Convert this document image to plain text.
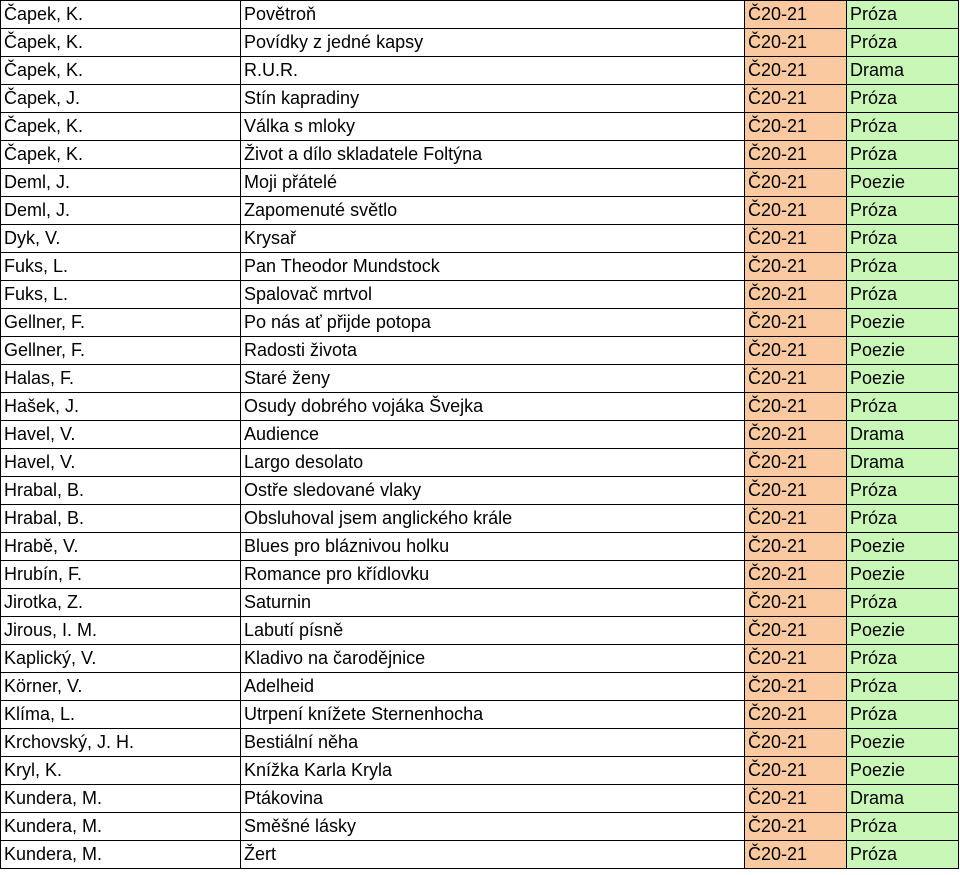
Čapek, K.	Povětroň	Č20-21	Próza
Čapek, K.	Povídky z jedné kapsy	Č20-21	Próza
Čapek, K.	R.U.R.	Č20-21	Drama
Čapek, J.	Stín kapradiny	Č20-21	Próza
Čapek, K.	Válka s mloky	Č20-21	Próza
Čapek, K.	Život a dílo skladatele Foltýna	Č20-21	Próza
Deml, J.	Moji přátelé	Č20-21	Poezie
Deml, J.	Zapomenuté světlo	Č20-21	Próza
Dyk, V.	Krysař	Č20-21	Próza
Fuks, L.	Pan Theodor Mundstock	Č20-21	Próza
Fuks, L.	Spalovač mrtvol	Č20-21	Próza
Gellner, F.	Po nás ať přijde potopa	Č20-21	Poezie
Gellner, F.	Radosti života	Č20-21	Poezie
Halas, F.	Staré ženy	Č20-21	Poezie
Hašek, J.	Osudy dobrého vojáka Švejka	Č20-21	Próza
Havel, V.	Audience	Č20-21	Drama
Havel, V.	Largo desolato	Č20-21	Drama
Hrabal, B.	Ostře sledované vlaky	Č20-21	Próza
Hrabal, B.	Obsluhoval jsem anglického krále	Č20-21	Próza
Hrabě, V.	Blues pro bláznivou holku	Č20-21	Poezie
Hrubín, F.	Romance pro křídlovku	Č20-21	Poezie
Jirotka, Z.	Saturnin	Č20-21	Próza
Jirous, I. M.	Labutí písně	Č20-21	Poezie
Kaplický, V.	Kladivo na čarodějnice	Č20-21	Próza
Körner, V.	Adelheid	Č20-21	Próza
Klíma, L.	Utrpení knížete Sternenhocha	Č20-21	Próza
Krchovský, J. H.	Bestiální něha	Č20-21	Poezie
Kryl, K.	Knížka Karla Kryla	Č20-21	Poezie
Kundera, M.	Ptákovina	Č20-21	Drama
Kundera, M.	Směšné lásky	Č20-21	Próza
Kundera, M.	Žert	Č20-21	Próza
